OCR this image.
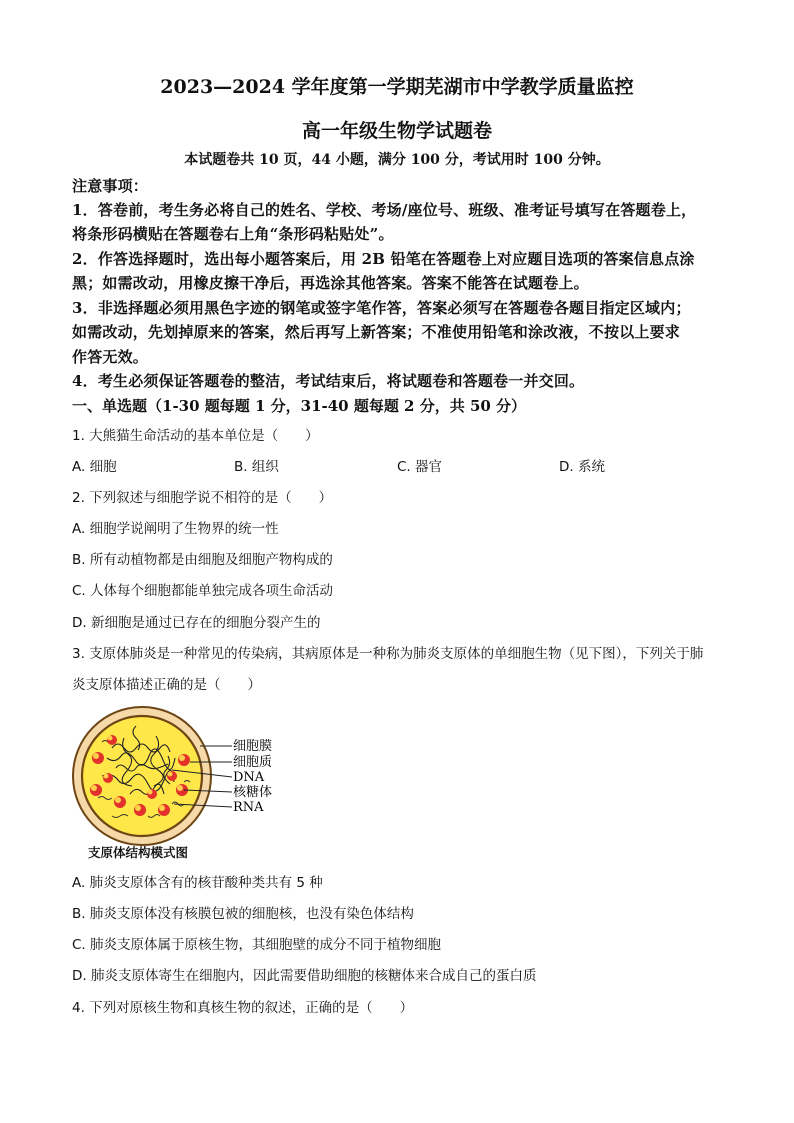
2023—2024 学年度第一学期芜湖市中学教学质量监控
高一年级生物学试题卷
本试题卷共 10 页，44 小题，满分 100 分，考试用时 100 分钟。
注意事项：
1．答卷前，考生务必将自己的姓名、学校、考场/座位号、班级、准考证号填写在答题卷上，
将条形码横贴在答题卷右上角“条形码粘贴处”。
2．作答选择题时，选出每小题答案后，用 2B 铅笔在答题卷上对应题目选项的答案信息点涂
黑；如需改动，用橡皮擦干净后，再选涂其他答案。答案不能答在试题卷上。
3．非选择题必须用黑色字迹的钢笔或签字笔作答，答案必须写在答题卷各题目指定区域内；
如需改动，先划掉原来的答案，然后再写上新答案；不准使用铅笔和涂改液，不按以上要求
作答无效。
4．考生必须保证答题卷的整洁，考试结束后，将试题卷和答题卷一并交回。
一、单选题（1-30 题每题 1 分，31-40 题每题 2 分，共 50 分）
1. 大熊猫生命活动的基本单位是（　　）
A. 细胞	B. 组织	C. 器官	D. 系统
2. 下列叙述与细胞学说不相符的是（　　）
A. 细胞学说阐明了生物界的统一性
B. 所有动植物都是由细胞及细胞产物构成的
C. 人体每个细胞都能单独完成各项生命活动
D. 新细胞是通过已存在的细胞分裂产生的
3. 支原体肺炎是一种常见的传染病，其病原体是一种称为肺炎支原体的单细胞生物（见下图），下列关于肺
炎支原体描述正确的是（　　）
细胞膜
细胞质
DNA
核糖体
RNA
支原体结构模式图
A. 肺炎支原体含有的核苷酸种类共有 5 种
B. 肺炎支原体没有核膜包被的细胞核，也没有染色体结构
C. 肺炎支原体属于原核生物，其细胞壁的成分不同于植物细胞
D. 肺炎支原体寄生在细胞内，因此需要借助细胞的核糖体来合成自己的蛋白质
4. 下列对原核生物和真核生物的叙述，正确的是（　　）
